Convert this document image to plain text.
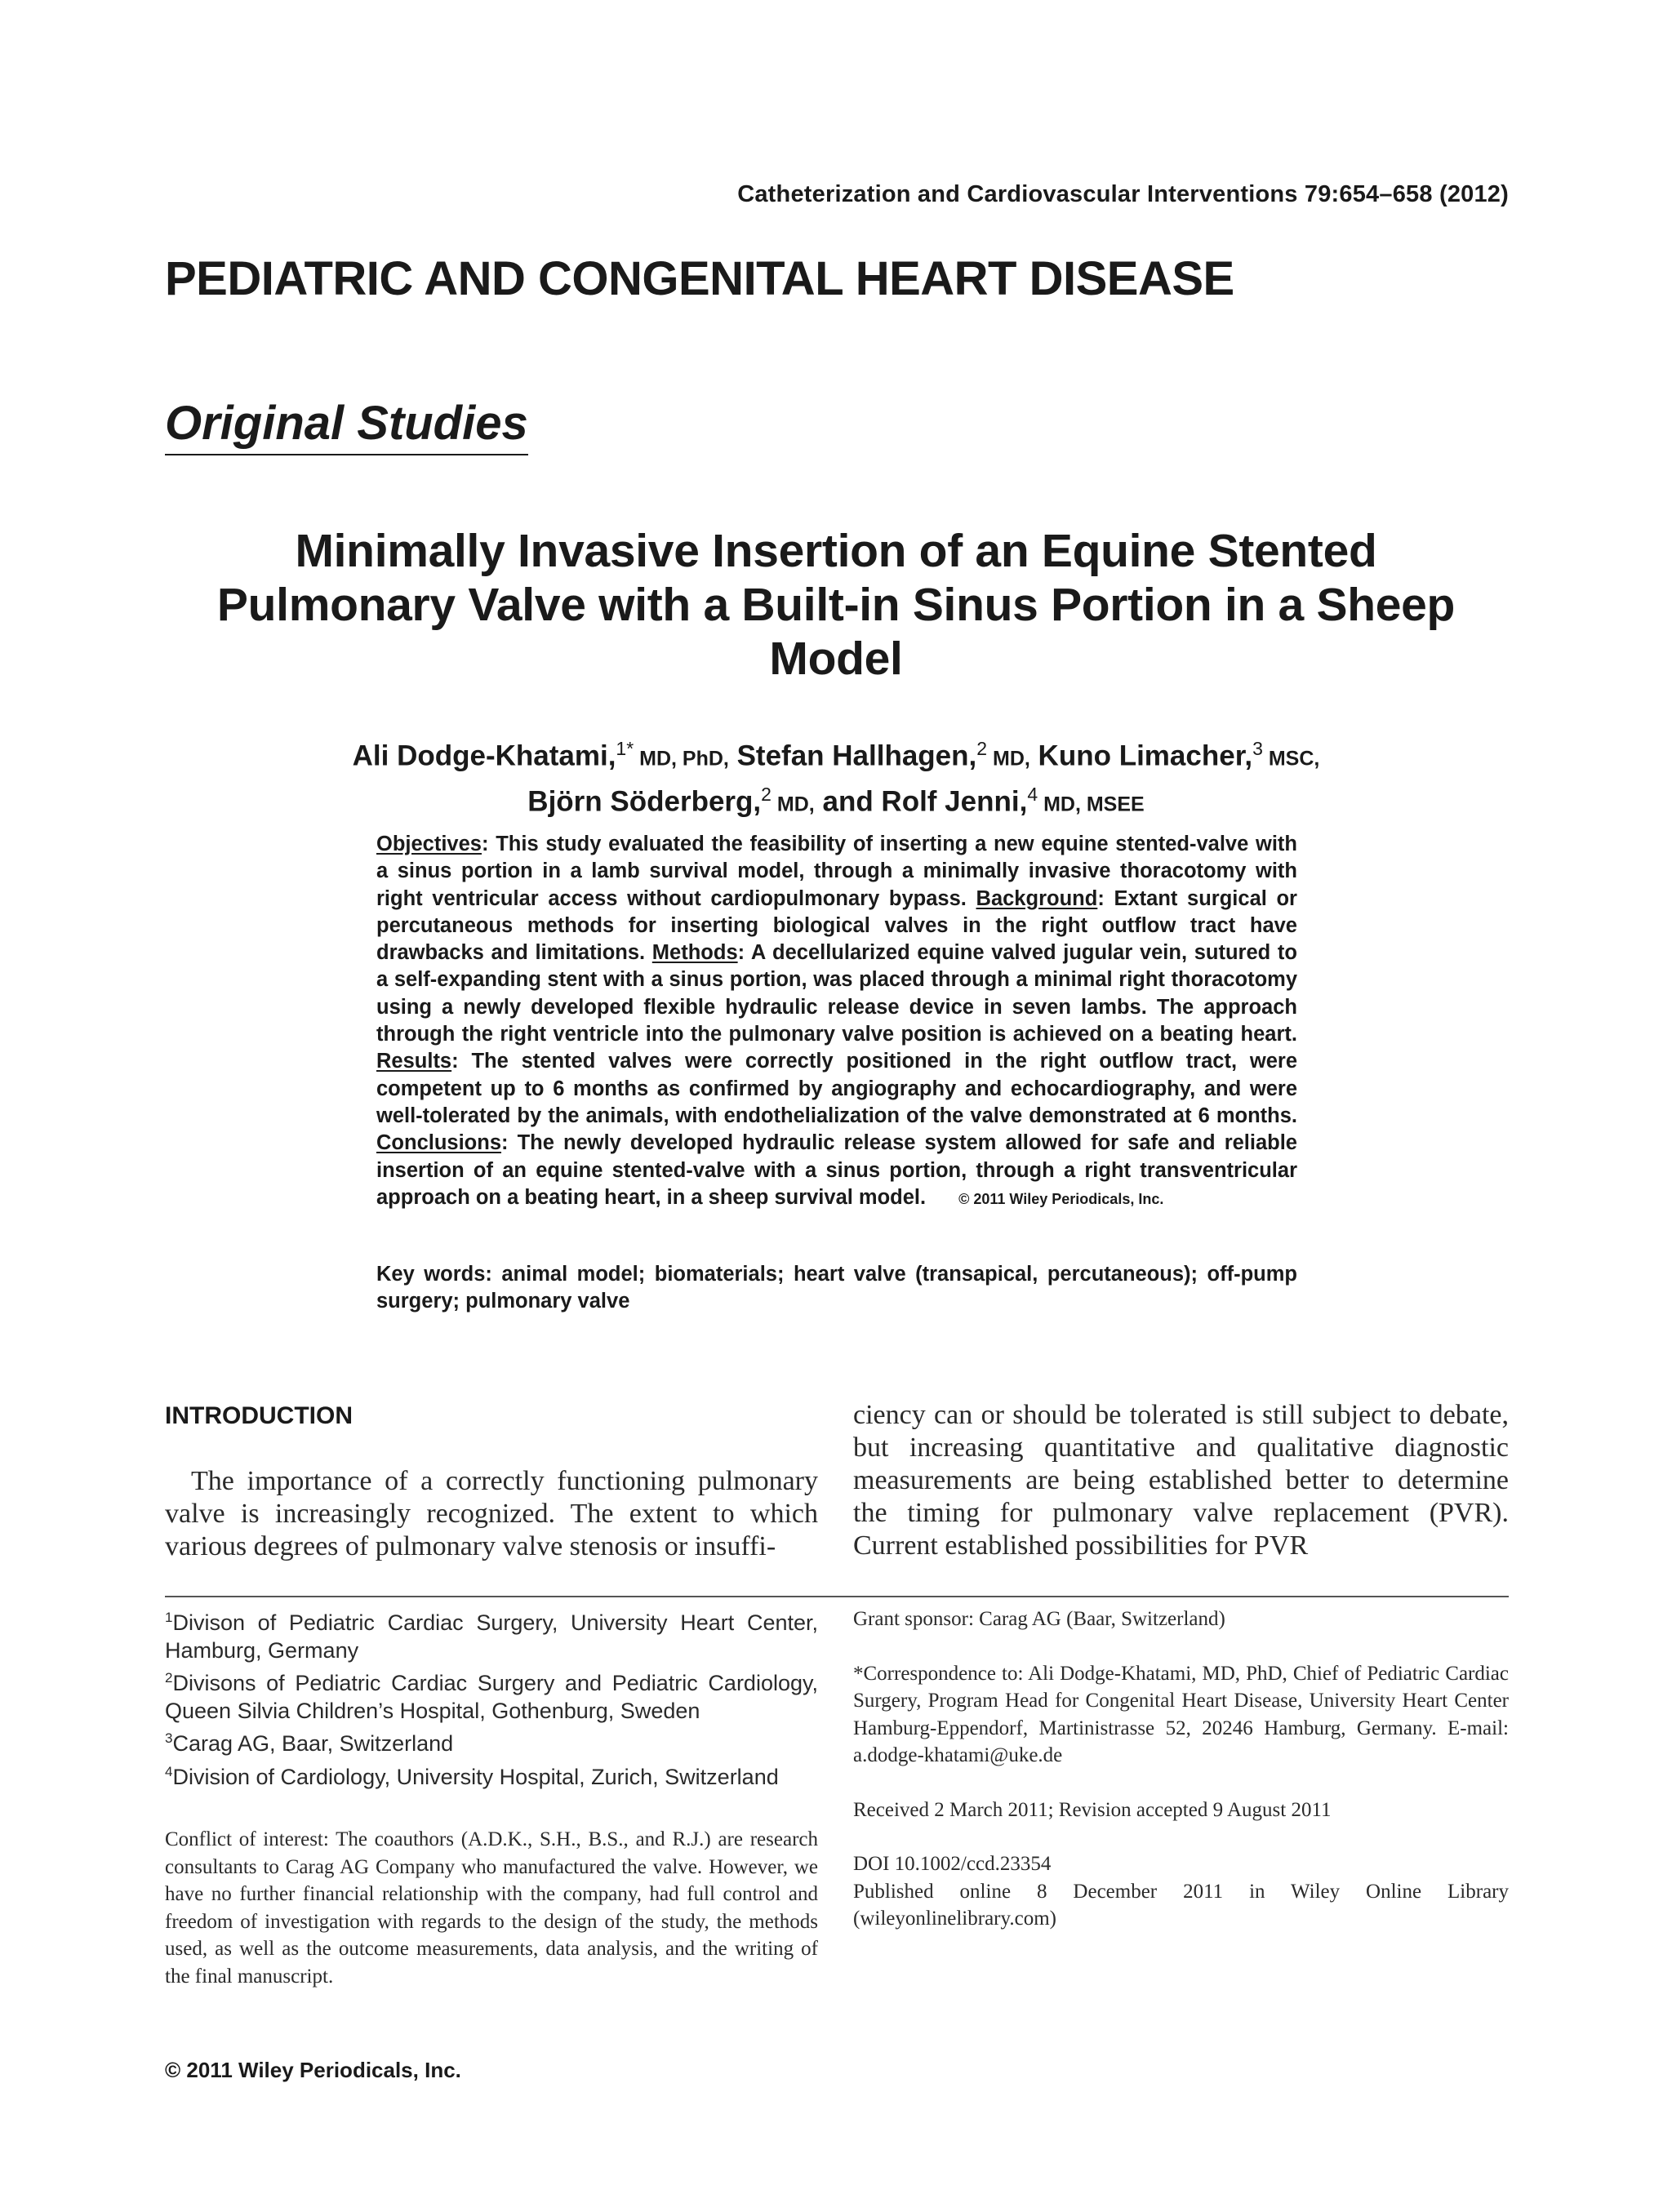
Catheterization and Cardiovascular Interventions 79:654–658 (2012)
PEDIATRIC AND CONGENITAL HEART DISEASE
Original Studies
Minimally Invasive Insertion of an Equine Stented Pulmonary Valve with a Built-in Sinus Portion in a Sheep Model
Ali Dodge-Khatami,$^{1*}$ MD, PhD, Stefan Hallhagen,$^2$ MD, Kuno Limacher,$^3$ MSC,
Björn Söderberg,$^2$ MD, and Rolf Jenni,$^4$ MD, MSEE
Objectives: This study evaluated the feasibility of inserting a new equine stented-valve with a sinus portion in a lamb survival model, through a minimally invasive thoracotomy with right ventricular access without cardiopulmonary bypass. Background: Extant surgical or percutaneous methods for inserting biological valves in the right outflow tract have drawbacks and limitations. Methods: A decellularized equine valved jugular vein, sutured to a self-expanding stent with a sinus portion, was placed through a minimal right thoracotomy using a newly developed flexible hydraulic release device in seven lambs. The approach through the right ventricle into the pulmonary valve position is achieved on a beating heart. Results: The stented valves were correctly positioned in the right outflow tract, were competent up to 6 months as confirmed by angiography and echocardiography, and were well-tolerated by the animals, with endothelialization of the valve demonstrated at 6 months. Conclusions: The newly developed hydraulic release system allowed for safe and reliable insertion of an equine stented-valve with a sinus portion, through a right transventricular approach on a beating heart, in a sheep survival model. © 2011 Wiley Periodicals, Inc.
Key words: animal model; biomaterials; heart valve (transapical, percutaneous); off-pump surgery; pulmonary valve
INTRODUCTION
The importance of a correctly functioning pulmonary valve is increasingly recognized. The extent to which various degrees of pulmonary valve stenosis or insuffi-
ciency can or should be tolerated is still subject to debate, but increasing quantitative and qualitative diagnostic measurements are being established better to determine the timing for pulmonary valve replacement (PVR). Current established possibilities for PVR

$^1$Divison of Pediatric Cardiac Surgery, University Heart Center, Hamburg, Germany

$^2$Divisons of Pediatric Cardiac Surgery and Pediatric Cardiology, Queen Silvia Children’s Hospital, Gothenburg, Sweden

$^3$Carag AG, Baar, Switzerland

$^4$Division of Cardiology, University Hospital, Zurich, Switzerland

Conflict of interest: The coauthors (A.D.K., S.H., B.S., and R.J.) are research consultants to Carag AG Company who manufactured the valve. However, we have no further financial relationship with the company, had full control and freedom of investigation with regards to the design of the study, the methods used, as well as the outcome measurements, data analysis, and the writing of the final manuscript.

Grant sponsor: Carag AG (Baar, Switzerland)

*Correspondence to: Ali Dodge-Khatami, MD, PhD, Chief of Pediatric Cardiac Surgery, Program Head for Congenital Heart Disease, University Heart Center Hamburg-Eppendorf, Martinistrasse 52, 20246 Hamburg, Germany. E-mail: a.dodge-khatami@uke.de

Received 2 March 2011; Revision accepted 9 August 2011

DOI 10.1002/ccd.23354

Published online 8 December 2011 in Wiley Online Library (wileyonlinelibrary.com)

© 2011 Wiley Periodicals, Inc.
